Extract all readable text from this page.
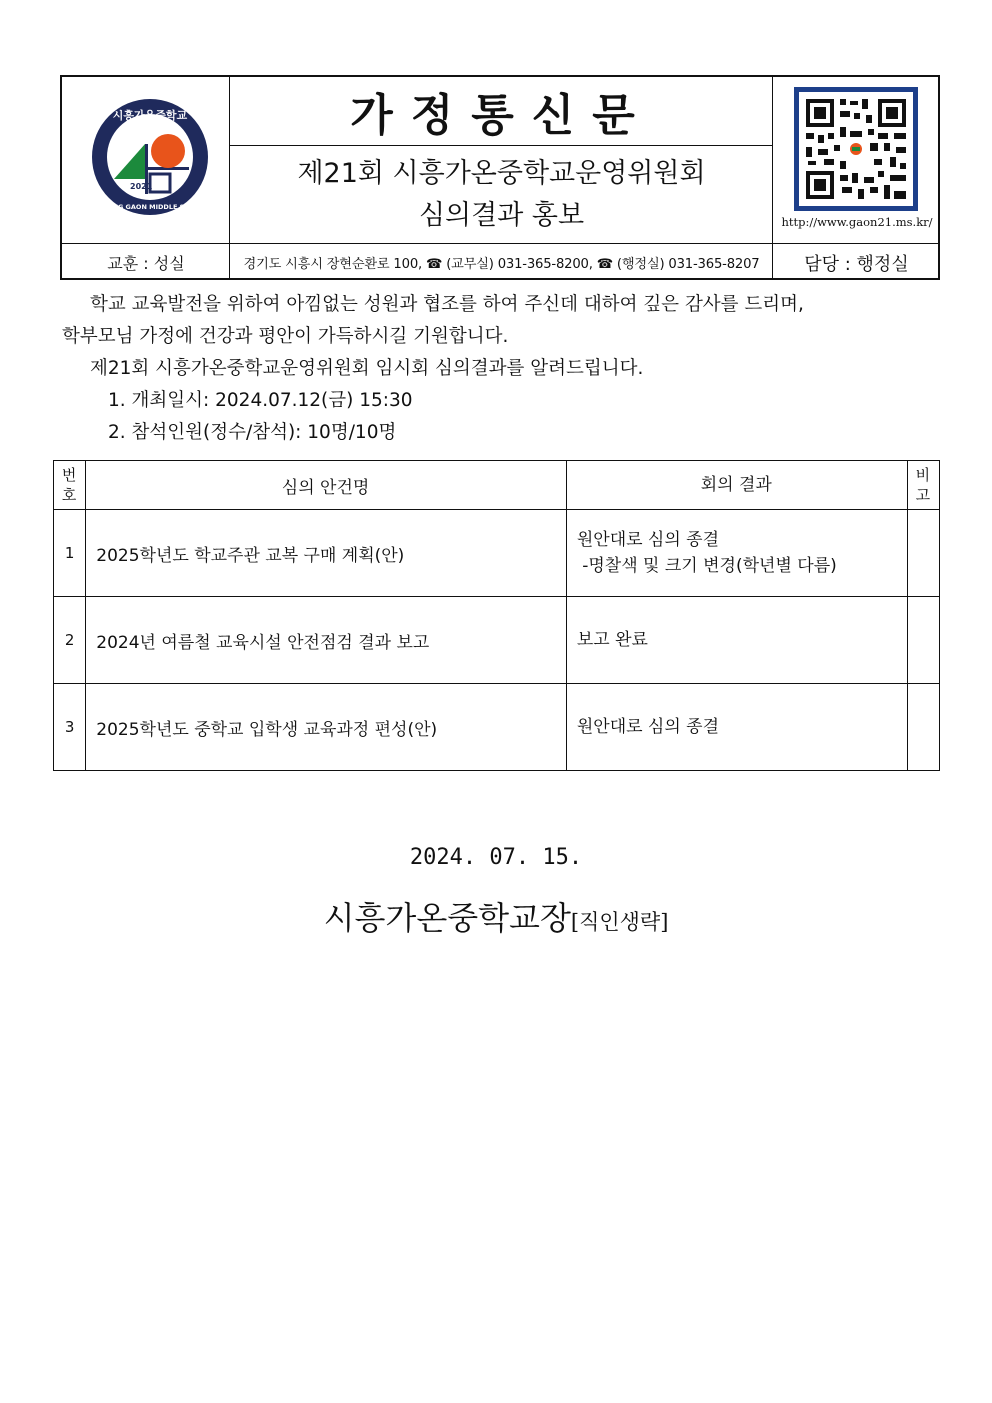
2021
시흥가온중학교
SIHEUNG GAON MIDDLE SCHOOL
가정통신문
제21회 시흥가온중학교운영위원회
심의결과 홍보	http://www.gaon21.ms.kr/
교훈 : 성실	경기도 시흥시 장현순환로 100, ☎ (교무실) 031-365-8200, ☎ (행정실) 031-365-8207	담당 : 행정실
학교 교육발전을 위하여 아낌없는 성원과 협조를 하여 주신데 대하여 깊은 감사를 드리며,
학부모님 가정에 건강과 평안이 가득하시길 기원합니다.
제21회 시흥가온중학교운영위원회 임시회 심의결과를 알려드립니다.
1. 개최일시: 2024.07.12(금) 15:30
2. 참석인원(정수/참석): 10명/10명
번
호	심의 안건명	회의 결과	비
고
1	2025학년도 학교주관 교복 구매 계획(안)	원안대로 심의 종결
-명찰색 및 크기 변경(학년별 다름)	

2	2024년 여름철 교육시설 안전점검 결과 보고	보고 완료	
3	2025학년도 중학교 입학생 교육과정 편성(안)	원안대로 심의 종결	
2024. 07. 15.
시흥가온중학교장[직인생략]
